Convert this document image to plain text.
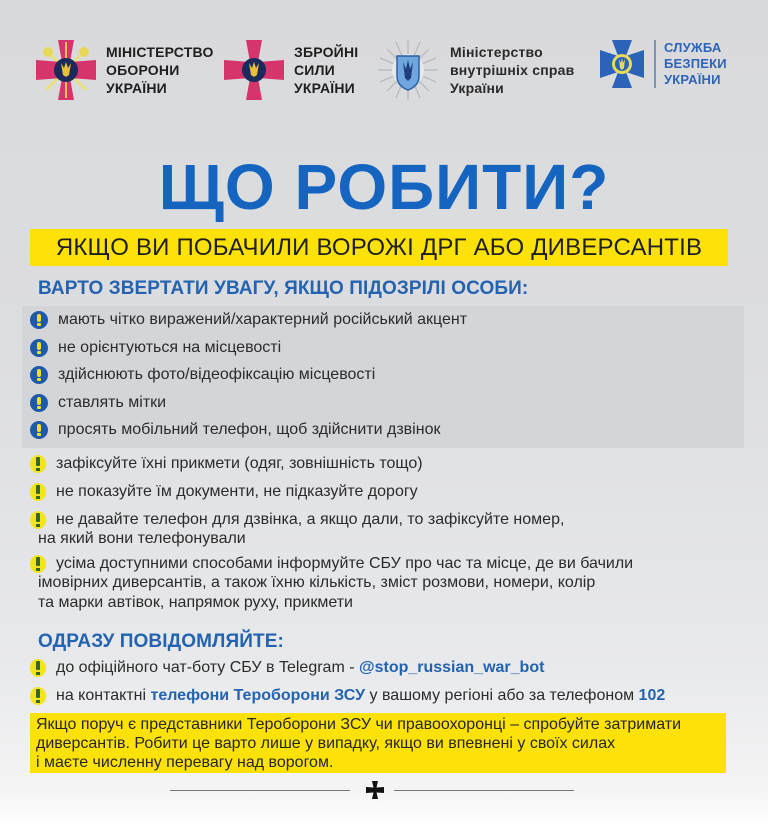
МІНІСТЕРСТВО
ОБОРОНИ
УКРАЇНИ
ЗБРОЙНІ
СИЛИ
УКРАЇНИ
Міністерство
внутрішніх справ
України
СЛУЖБА
БЕЗПЕКИ
УКРАЇНИ
ЩО РОБИТИ?
ЯКЩО ВИ ПОБАЧИЛИ ВОРОЖІ ДРГ АБО ДИВЕРСАНТІВ
ВАРТО ЗВЕРТАТИ УВАГУ, ЯКЩО ПІДОЗРІЛІ ОСОБИ:
мають чітко виражений/характерний російський акцент
не орієнтуються на місцевості
здійснюють фото/відеофіксацію місцевості
ставлять мітки
просять мобільний телефон, щоб здійснити дзвінок
зафіксуйте їхні прикмети (одяг, зовнішність тощо)
не показуйте їм документи, не підказуйте дорогу
не давайте телефон для дзвінка, а якщо дали, то зафіксуйте номер,
на який вони телефонували
усіма доступними способами інформуйте СБУ про час та місце, де ви бачили
імовірних диверсантів, а також їхню кількість, зміст розмови, номери, колір
та марки автівок, напрямок руху, прикмети
ОДРАЗУ ПОВІДОМЛЯЙТЕ:
до офіційного чат-боту СБУ в Telegram - @stop_russian_war_bot
на контактні телефони Тероборони ЗСУ у вашому регіоні або за телефоном 102
Якщо поруч є представники Тероборони ЗСУ чи правоохоронці – спробуйте затримати
диверсантів. Робити це варто лише у випадку, якщо ви впевнені у своїх силах
і маєте численну перевагу над ворогом.
